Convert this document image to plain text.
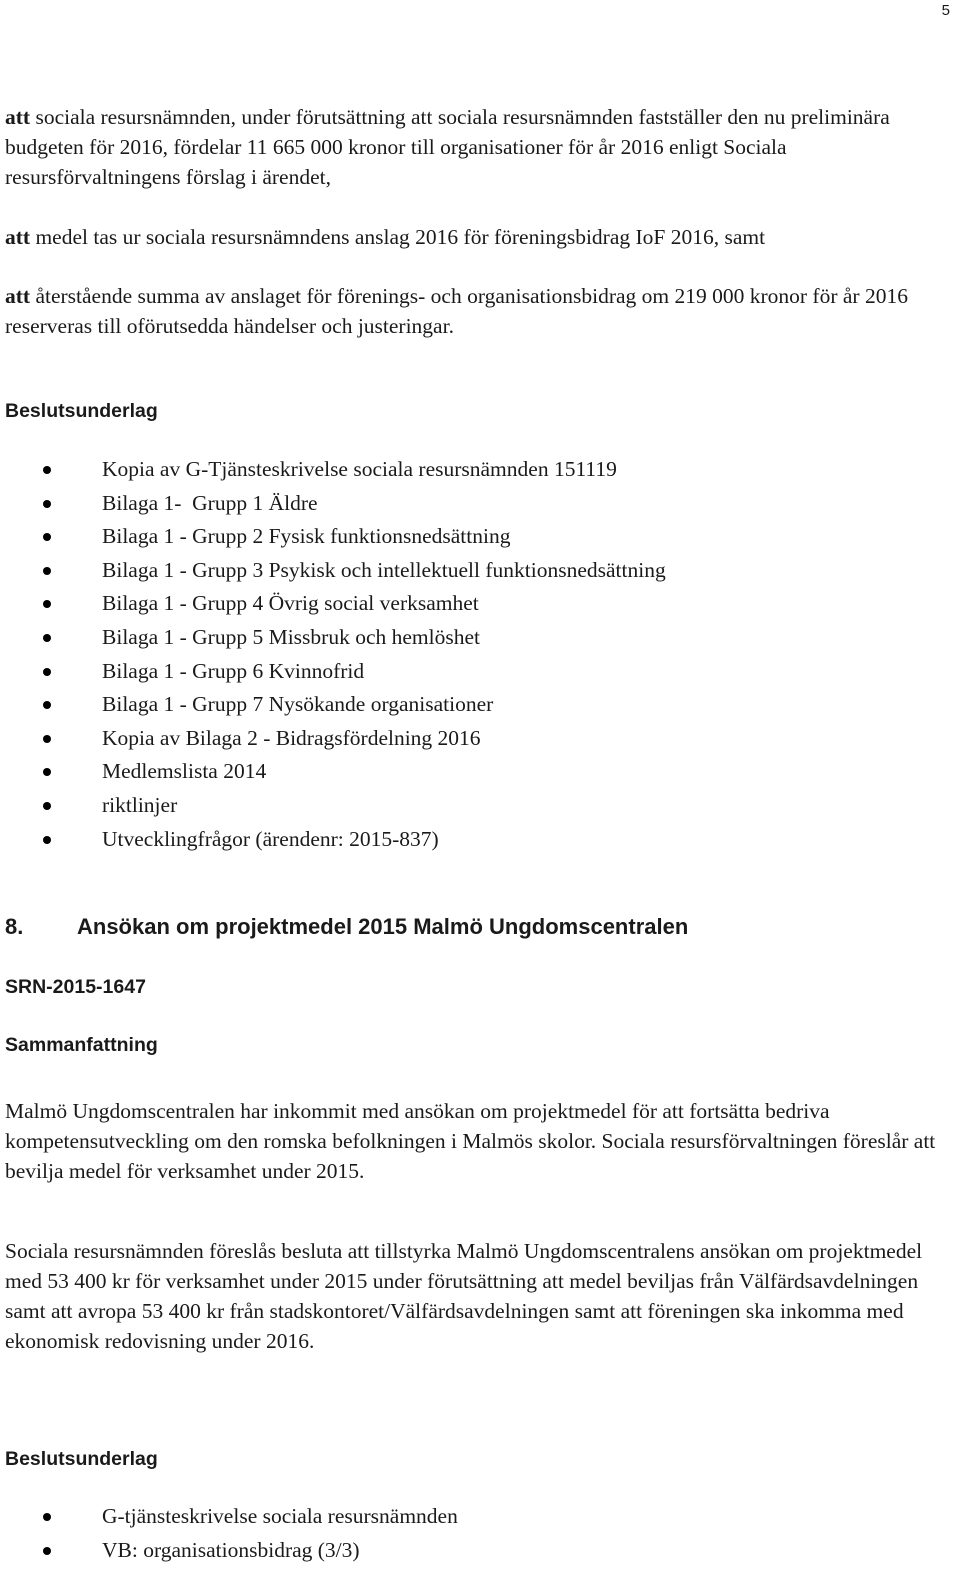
5

att sociala resursnämnden, under förutsättning att sociala resursnämnden fastställer den nu preliminära budgeten för 2016, fördelar 11 665 000 kronor till organisationer för år 2016 enligt Sociala resursförvaltningens förslag i ärendet,

att medel tas ur sociala resursnämndens anslag 2016 för föreningsbidrag IoF 2016, samt

att återstående summa av anslaget för förenings- och organisationsbidrag om 219 000 kronor för år 2016 reserveras till oförutsedda händelser och justeringar.

Beslutsunderlag
Kopia av G-Tjänsteskrivelse sociala resursnämnden 151119
Bilaga 1-  Grupp 1 Äldre
Bilaga 1 - Grupp 2 Fysisk funktionsnedsättning
Bilaga 1 - Grupp 3 Psykisk och intellektuell funktionsnedsättning
Bilaga 1 - Grupp 4 Övrig social verksamhet
Bilaga 1 - Grupp 5 Missbruk och hemlöshet
Bilaga 1 - Grupp 6 Kvinnofrid
Bilaga 1 - Grupp 7 Nysökande organisationer
Kopia av Bilaga 2 - Bidragsfördelning 2016
Medlemslista 2014
riktlinjer
Utvecklingfrågor (ärendenr: 2015-837)
8. Ansökan om projektmedel 2015 Malmö Ungdomscentralen
SRN-2015-1647
Sammanfattning

Malmö Ungdomscentralen har inkommit med ansökan om projektmedel för att fortsätta bedriva kompetensutveckling om den romska befolkningen i Malmös skolor. Sociala resursförvaltningen föreslår att bevilja medel för verksamhet under 2015.

Sociala resursnämnden föreslås besluta att tillstyrka Malmö Ungdomscentralens ansökan om projektmedel med 53 400 kr för verksamhet under 2015 under förutsättning att medel beviljas från Välfärdsavdelningen samt att avropa 53 400 kr från stadskontoret/Välfärdsavdelningen samt att föreningen ska inkomma med ekonomisk redovisning under 2016.

Beslutsunderlag
G-tjänsteskrivelse sociala resursnämnden
VB: organisationsbidrag (3/3)
